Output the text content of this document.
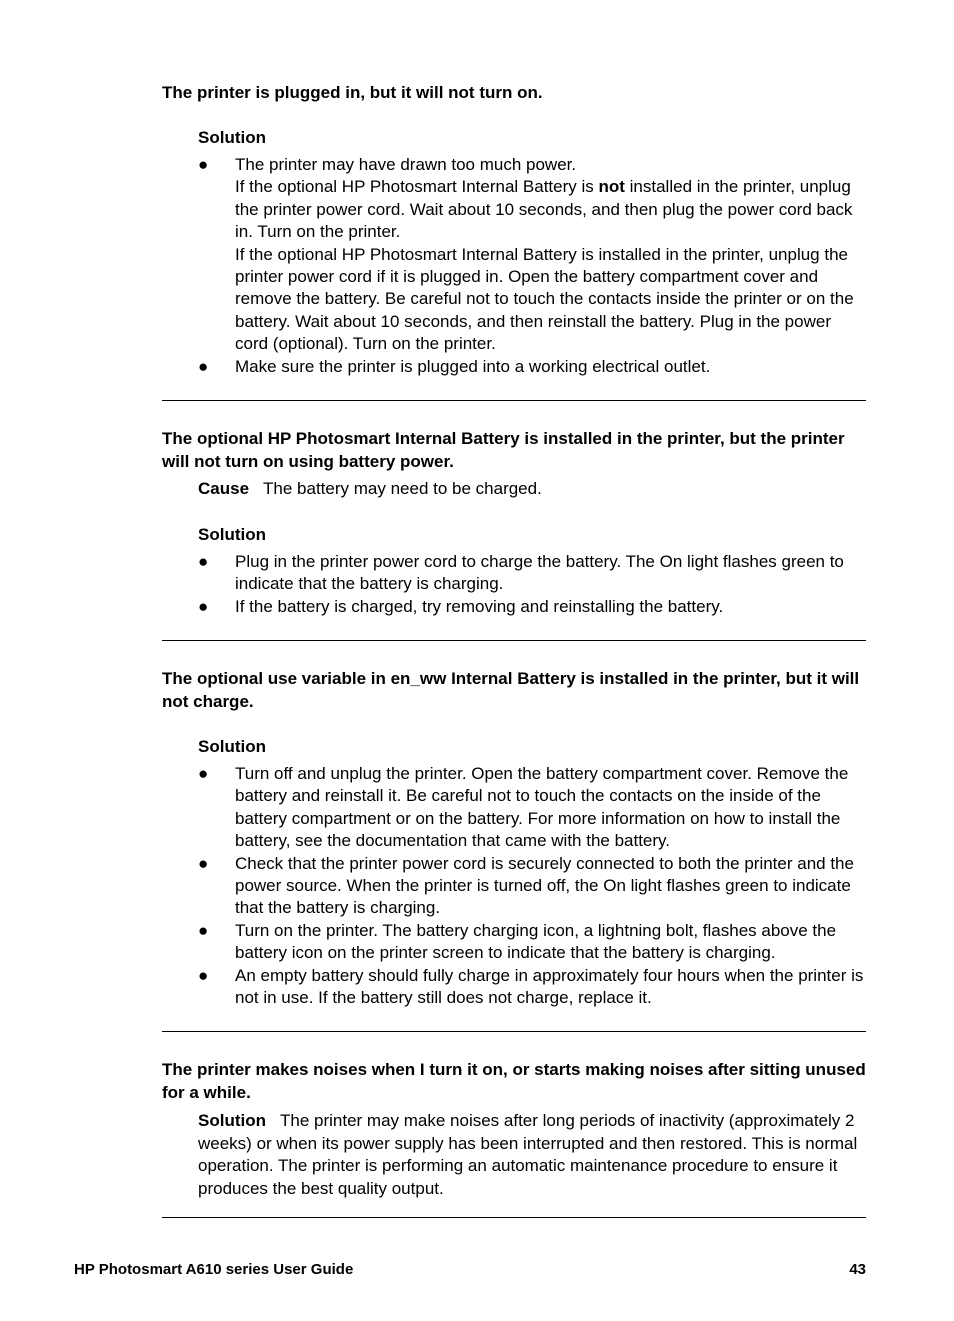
The printer is plugged in, but it will not turn on.
Solution
● The printer may have drawn too much power.

If the optional HP Photosmart Internal Battery is not installed in the printer, unplug the printer power cord. Wait about 10 seconds, and then plug the power cord back in. Turn on the printer.

If the optional HP Photosmart Internal Battery is installed in the printer, unplug the printer power cord if it is plugged in. Open the battery compartment cover and remove the battery. Be careful not to touch the contacts inside the printer or on the battery. Wait about 10 seconds, and then reinstall the battery. Plug in the power cord (optional). Turn on the printer.

● Make sure the printer is plugged into a working electrical outlet.

The optional HP Photosmart Internal Battery is installed in the printer, but the printer will not turn on using battery power.

Cause The battery may need to be charged.

Solution
● Plug in the printer power cord to charge the battery. The On light flashes green to indicate that the battery is charging.

● If the battery is charged, try removing and reinstalling the battery.

The optional use variable in en_ww Internal Battery is installed in the printer, but it will not charge.
Solution
● Turn off and unplug the printer. Open the battery compartment cover. Remove the battery and reinstall it. Be careful not to touch the contacts on the inside of the battery compartment or on the battery. For more information on how to install the battery, see the documentation that came with the battery.

● Check that the printer power cord is securely connected to both the printer and the power source. When the printer is turned off, the On light flashes green to indicate that the battery is charging.

● Turn on the printer. The battery charging icon, a lightning bolt, flashes above the battery icon on the printer screen to indicate that the battery is charging.

● An empty battery should fully charge in approximately four hours when the printer is not in use. If the battery still does not charge, replace it.

The printer makes noises when I turn it on, or starts making noises after sitting unused for a while.

Solution The printer may make noises after long periods of inactivity (approximately 2 weeks) or when its power supply has been interrupted and then restored. This is normal operation. The printer is performing an automatic maintenance procedure to ensure it produces the best quality output.

HP Photosmart A610 series User Guide	43
